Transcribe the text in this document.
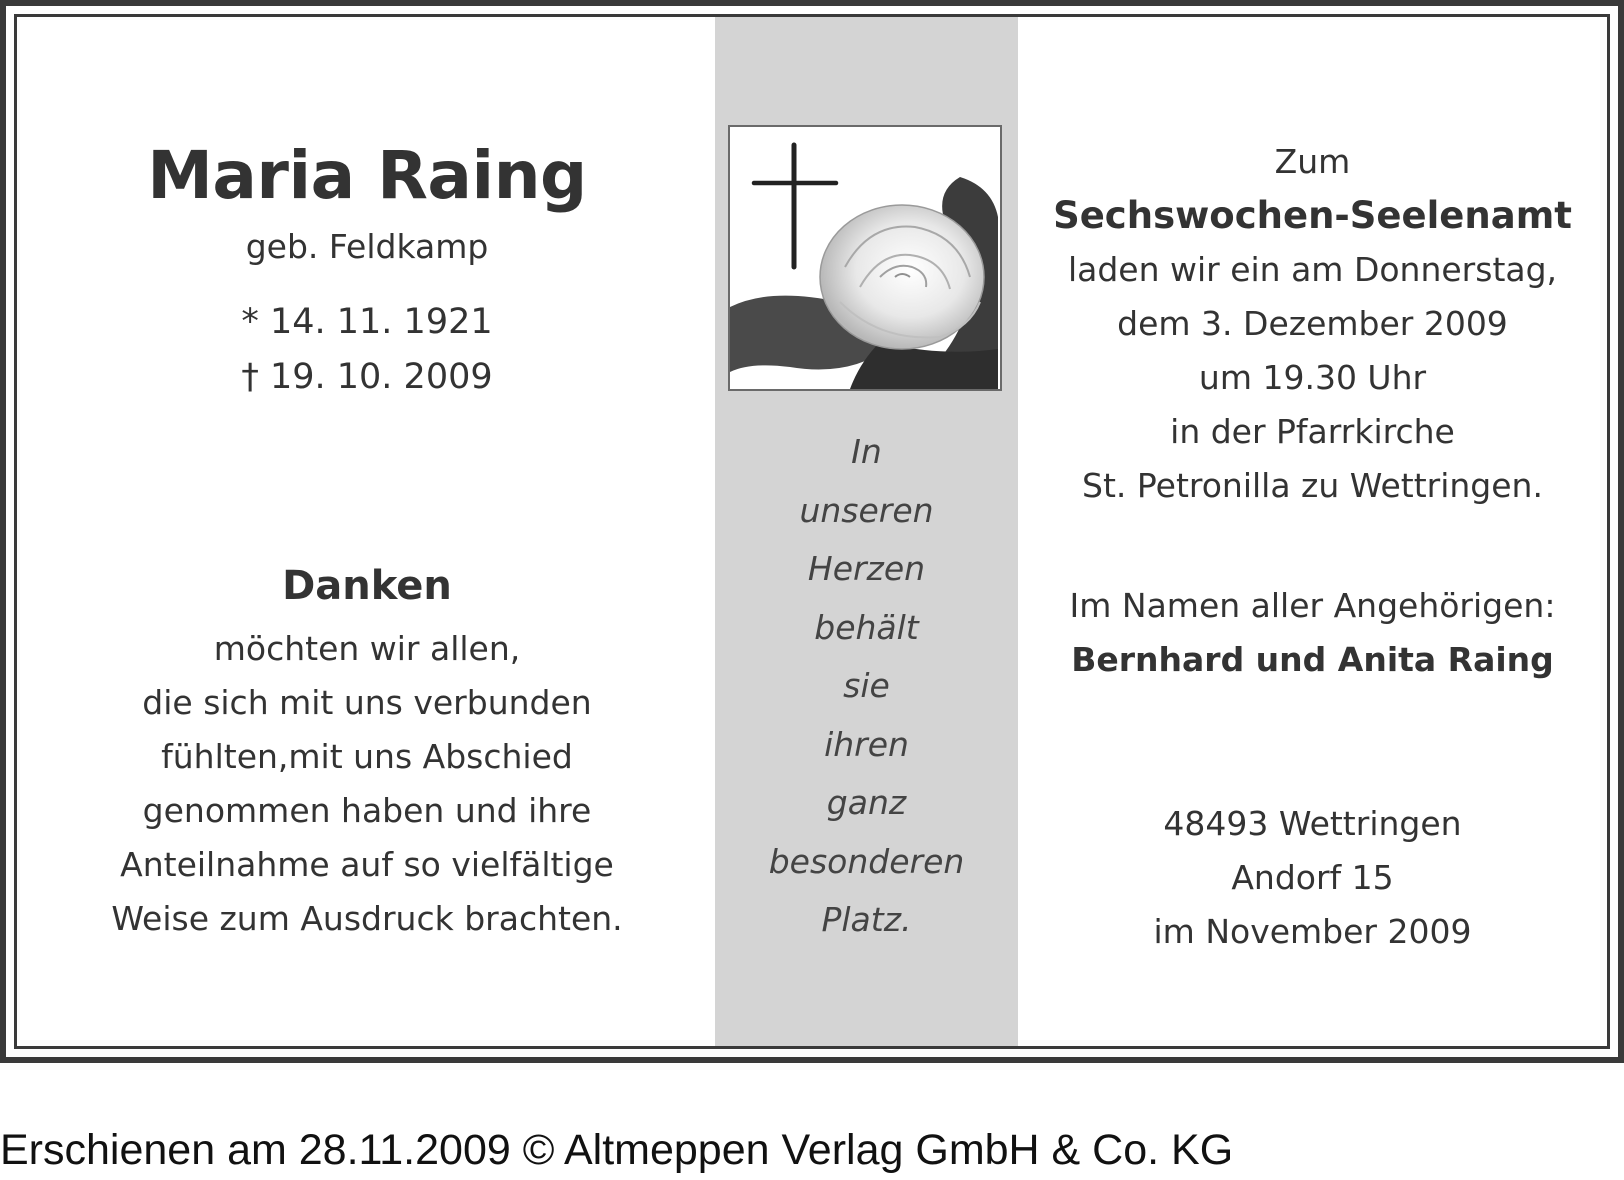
Maria Raing
geb. Feldkamp
* 14. 11. 1921
† 19. 10. 2009
Danken
möchten wir allen,
die sich mit uns verbunden
fühlten,mit uns Abschied
genommen haben und ihre
Anteilnahme auf so vielfältige
Weise zum Ausdruck brachten.
In
unseren
Herzen
behält
sie
ihren
ganz
besonderen
Platz.
Zum
Sechswochen-Seelenamt
laden wir ein am Donnerstag,
dem 3. Dezember 2009
um 19.30 Uhr
in der Pfarrkirche
St. Petronilla zu Wettringen.
Im Namen aller Angehörigen:
Bernhard und Anita Raing
48493 Wettringen
Andorf 15
im November 2009
Erschienen am 28.11.2009 © Altmeppen Verlag GmbH & Co. KG
